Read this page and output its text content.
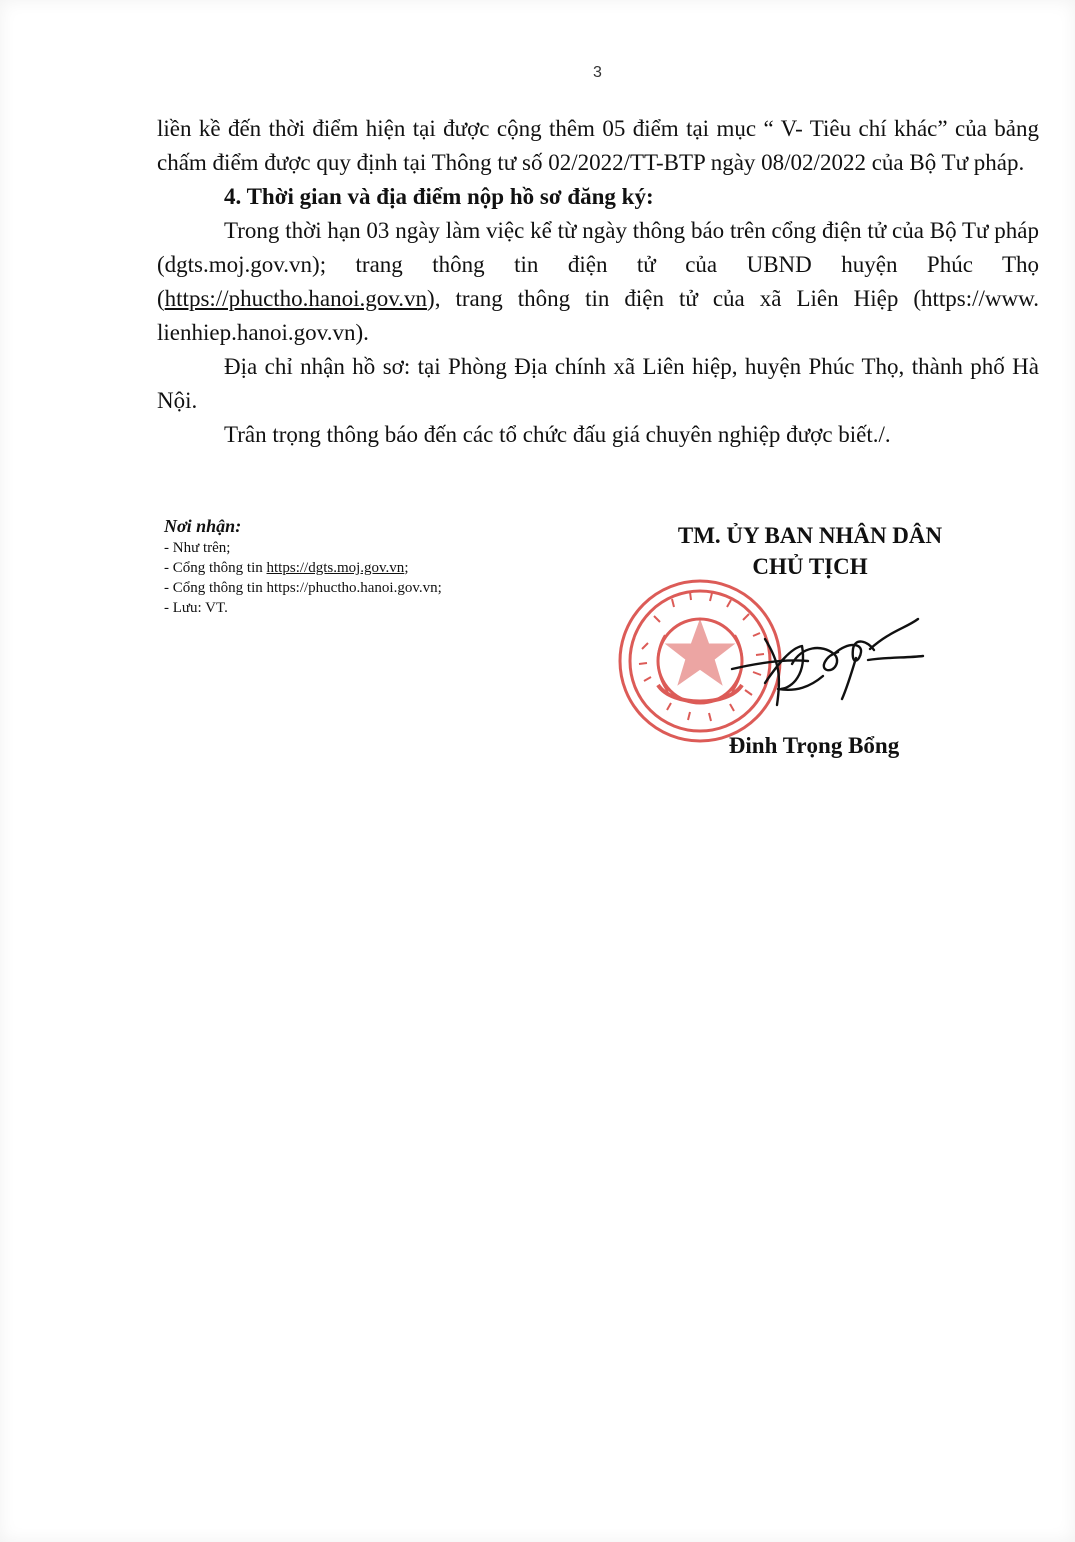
3

liền kề đến thời điểm hiện tại được cộng thêm 05 điểm tại mục “ V- Tiêu chí khác” của bảng chấm điểm được quy định tại Thông tư số 02/2022/TT-BTP ngày 08/02/2022 của Bộ Tư pháp.

4. Thời gian và địa điểm nộp hồ sơ đăng ký:

Trong thời hạn 03 ngày làm việc kể từ ngày thông báo trên cổng điện tử của Bộ Tư pháp (dgts.moj.gov.vn); trang thông tin điện tử của UBND huyện Phúc Thọ (https://phuctho.hanoi.gov.vn), trang thông tin điện tử của xã Liên Hiệp (https://www. lienhiep.hanoi.gov.vn).

Địa chỉ nhận hồ sơ: tại Phòng Địa chính xã Liên hiệp, huyện Phúc Thọ, thành phố Hà Nội.

Trân trọng thông báo đến các tổ chức đấu giá chuyên nghiệp được biết./.

Nơi nhận:

- Như trên;

- Cổng thông tin https://dgts.moj.gov.vn;

- Cổng thông tin https://phuctho.hanoi.gov.vn;

- Lưu: VT.

TM. ỦY BAN NHÂN DÂN
CHỦ TỊCH
Đinh Trọng Bổng
